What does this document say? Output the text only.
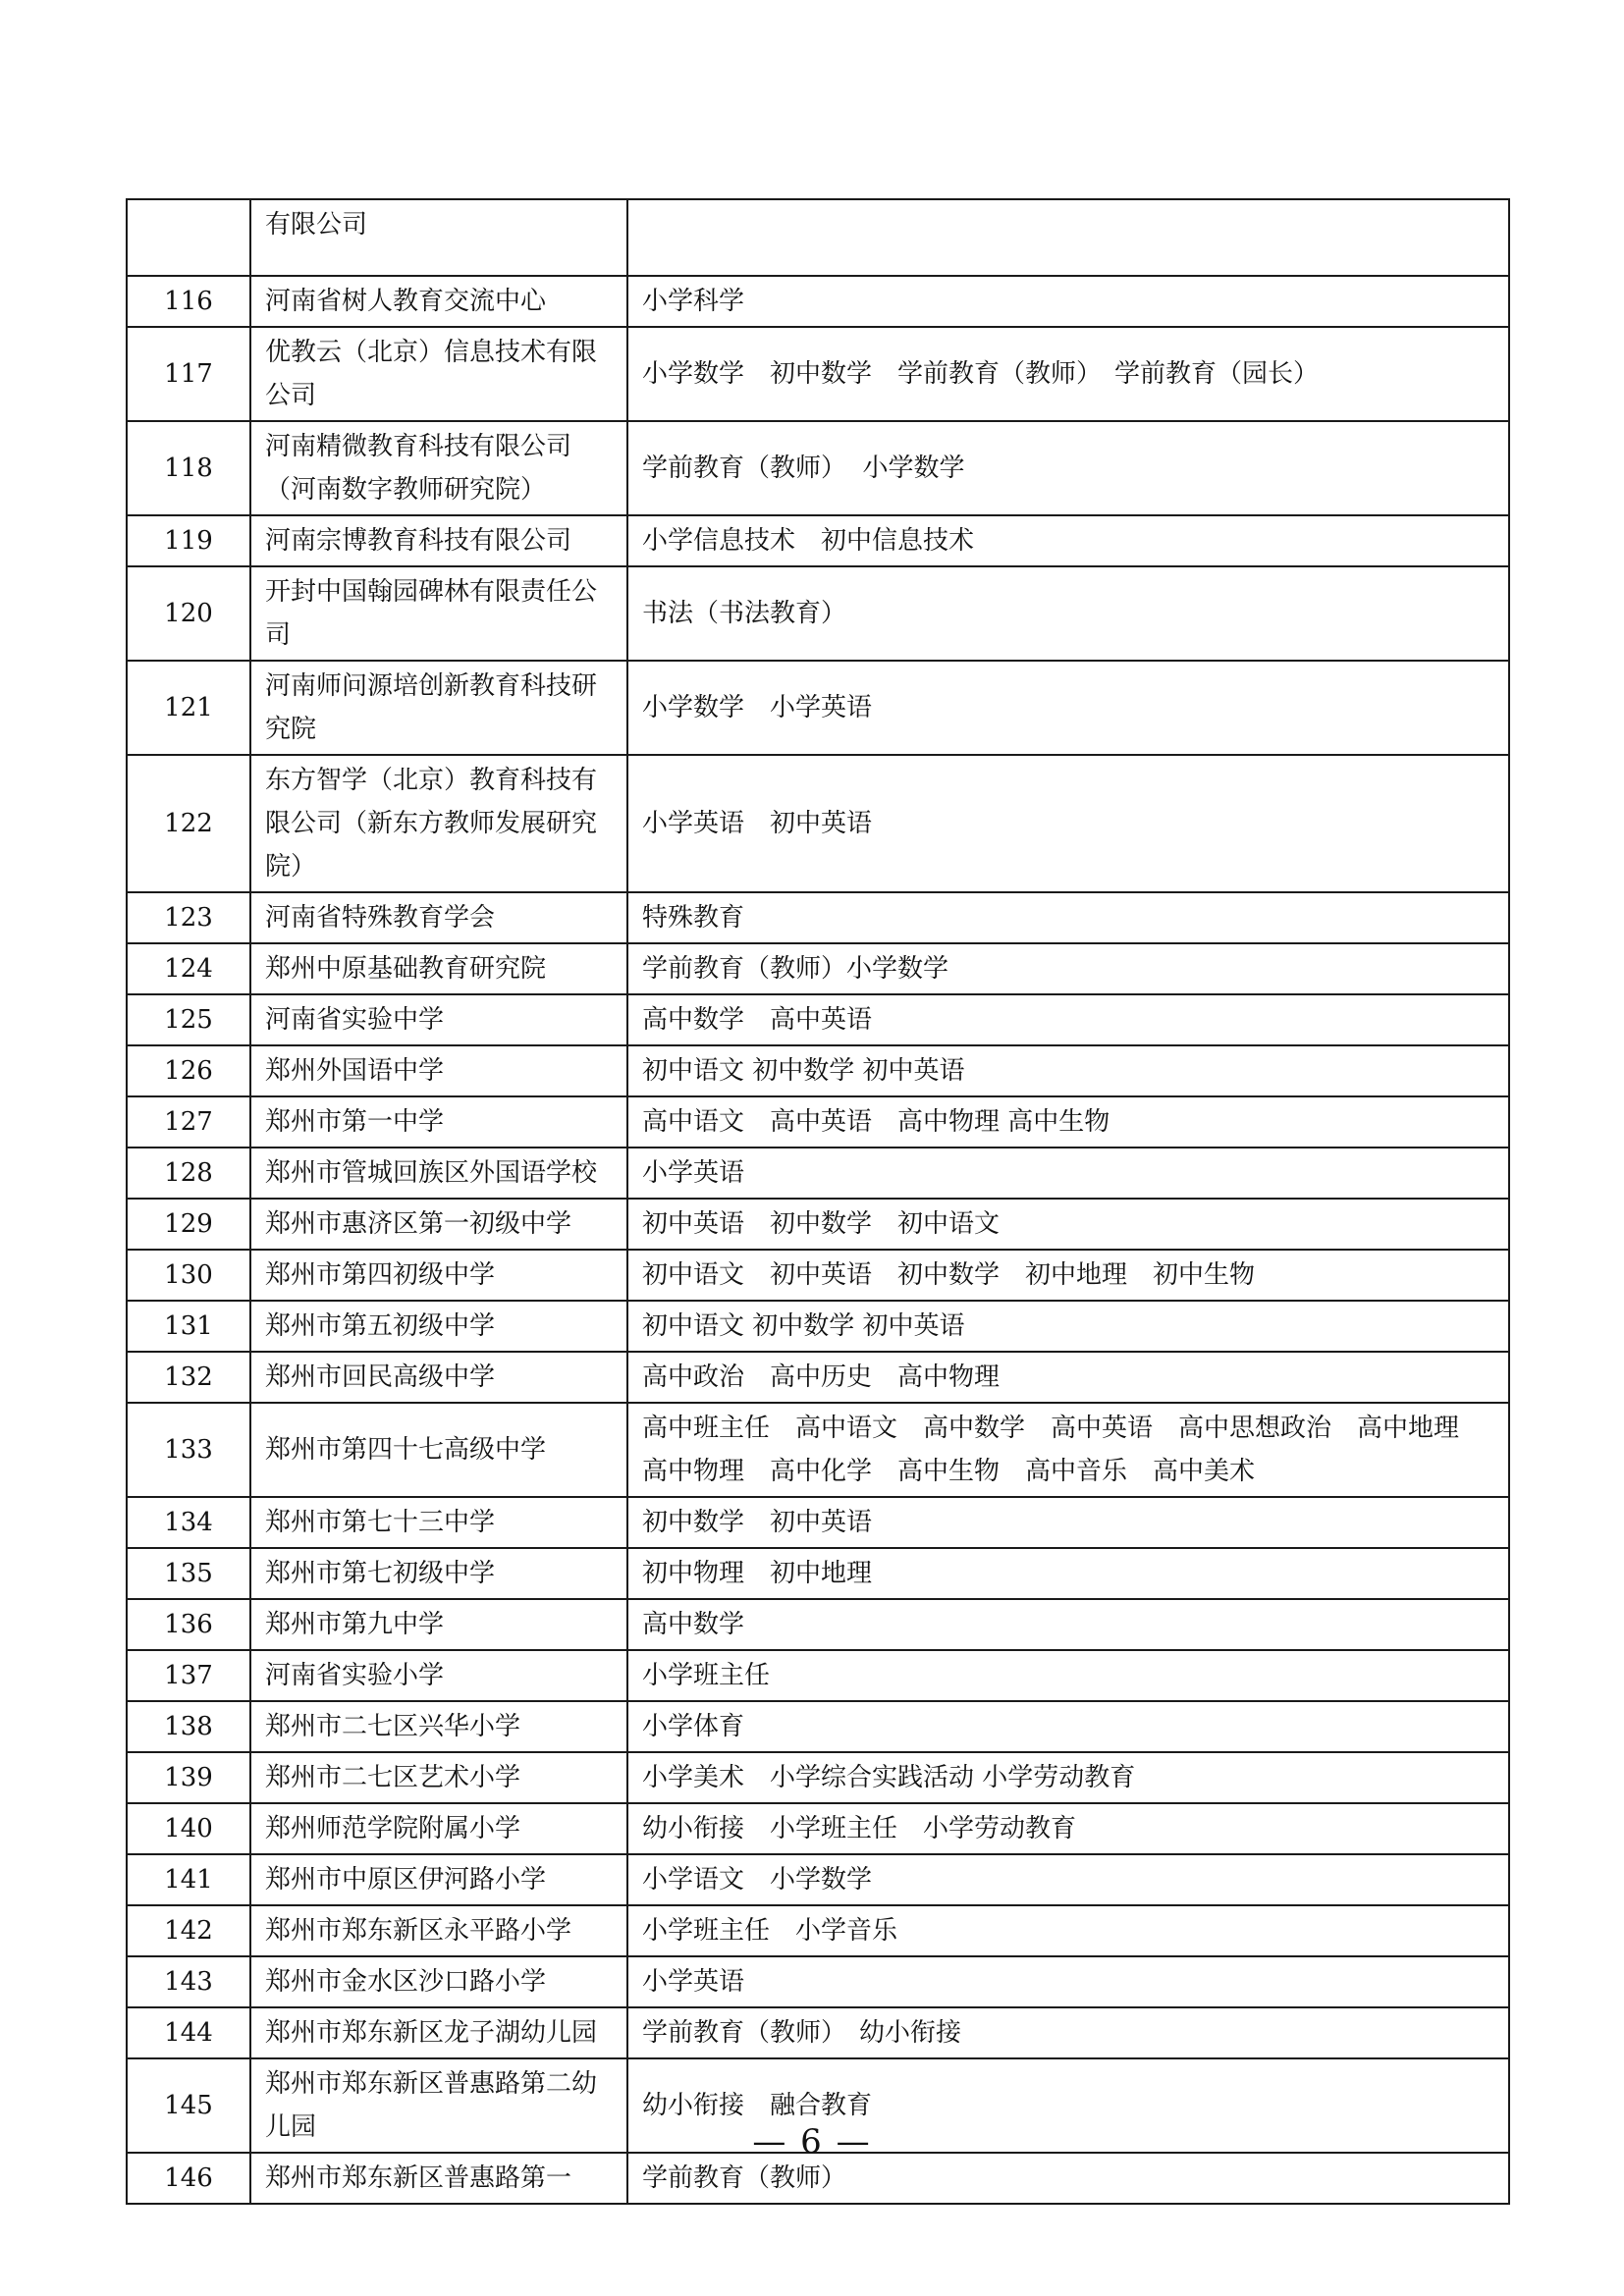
	有限公司	
116	河南省树人教育交流中心	小学科学
117	优教云（北京）信息技术有限公司	小学数学　初中数学　学前教育（教师）　学前教育（园长）
118	河南精微教育科技有限公司（河南数字教师研究院）	学前教育（教师）  小学数学
119	河南宗博教育科技有限公司	小学信息技术　初中信息技术
120	开封中国翰园碑林有限责任公司	书法（书法教育）
121	河南师问源培创新教育科技研究院	小学数学　小学英语
122	东方智学（北京）教育科技有限公司（新东方教师发展研究院）	小学英语　初中英语
123	河南省特殊教育学会	特殊教育
124	郑州中原基础教育研究院	学前教育（教师）小学数学
125	河南省实验中学	高中数学　高中英语
126	郑州外国语中学	初中语文 初中数学 初中英语
127	郑州市第一中学	高中语文　高中英语　高中物理 高中生物
128	郑州市管城回族区外国语学校	小学英语
129	郑州市惠济区第一初级中学	初中英语　初中数学　初中语文
130	郑州市第四初级中学	初中语文　初中英语　初中数学　初中地理　初中生物
131	郑州市第五初级中学	初中语文 初中数学 初中英语
132	郑州市回民高级中学	高中政治　高中历史　高中物理
133	郑州市第四十七高级中学	高中班主任　高中语文　高中数学　高中英语　高中思想政治　高中地理　高中物理　高中化学　高中生物　高中音乐　高中美术
134	郑州市第七十三中学	初中数学　初中英语
135	郑州市第七初级中学	初中物理　初中地理
136	郑州市第九中学	高中数学
137	河南省实验小学	小学班主任
138	郑州市二七区兴华小学	小学体育
139	郑州市二七区艺术小学	小学美术　小学综合实践活动 小学劳动教育
140	郑州师范学院附属小学	幼小衔接　小学班主任　小学劳动教育
141	郑州市中原区伊河路小学	小学语文　小学数学
142	郑州市郑东新区永平路小学	小学班主任　小学音乐
143	郑州市金水区沙口路小学	小学英语
144	郑州市郑东新区龙子湖幼儿园	学前教育（教师）　幼小衔接
145	郑州市郑东新区普惠路第二幼儿园	幼小衔接　融合教育
146	郑州市郑东新区普惠路第一	学前教育（教师）
— 6 —
